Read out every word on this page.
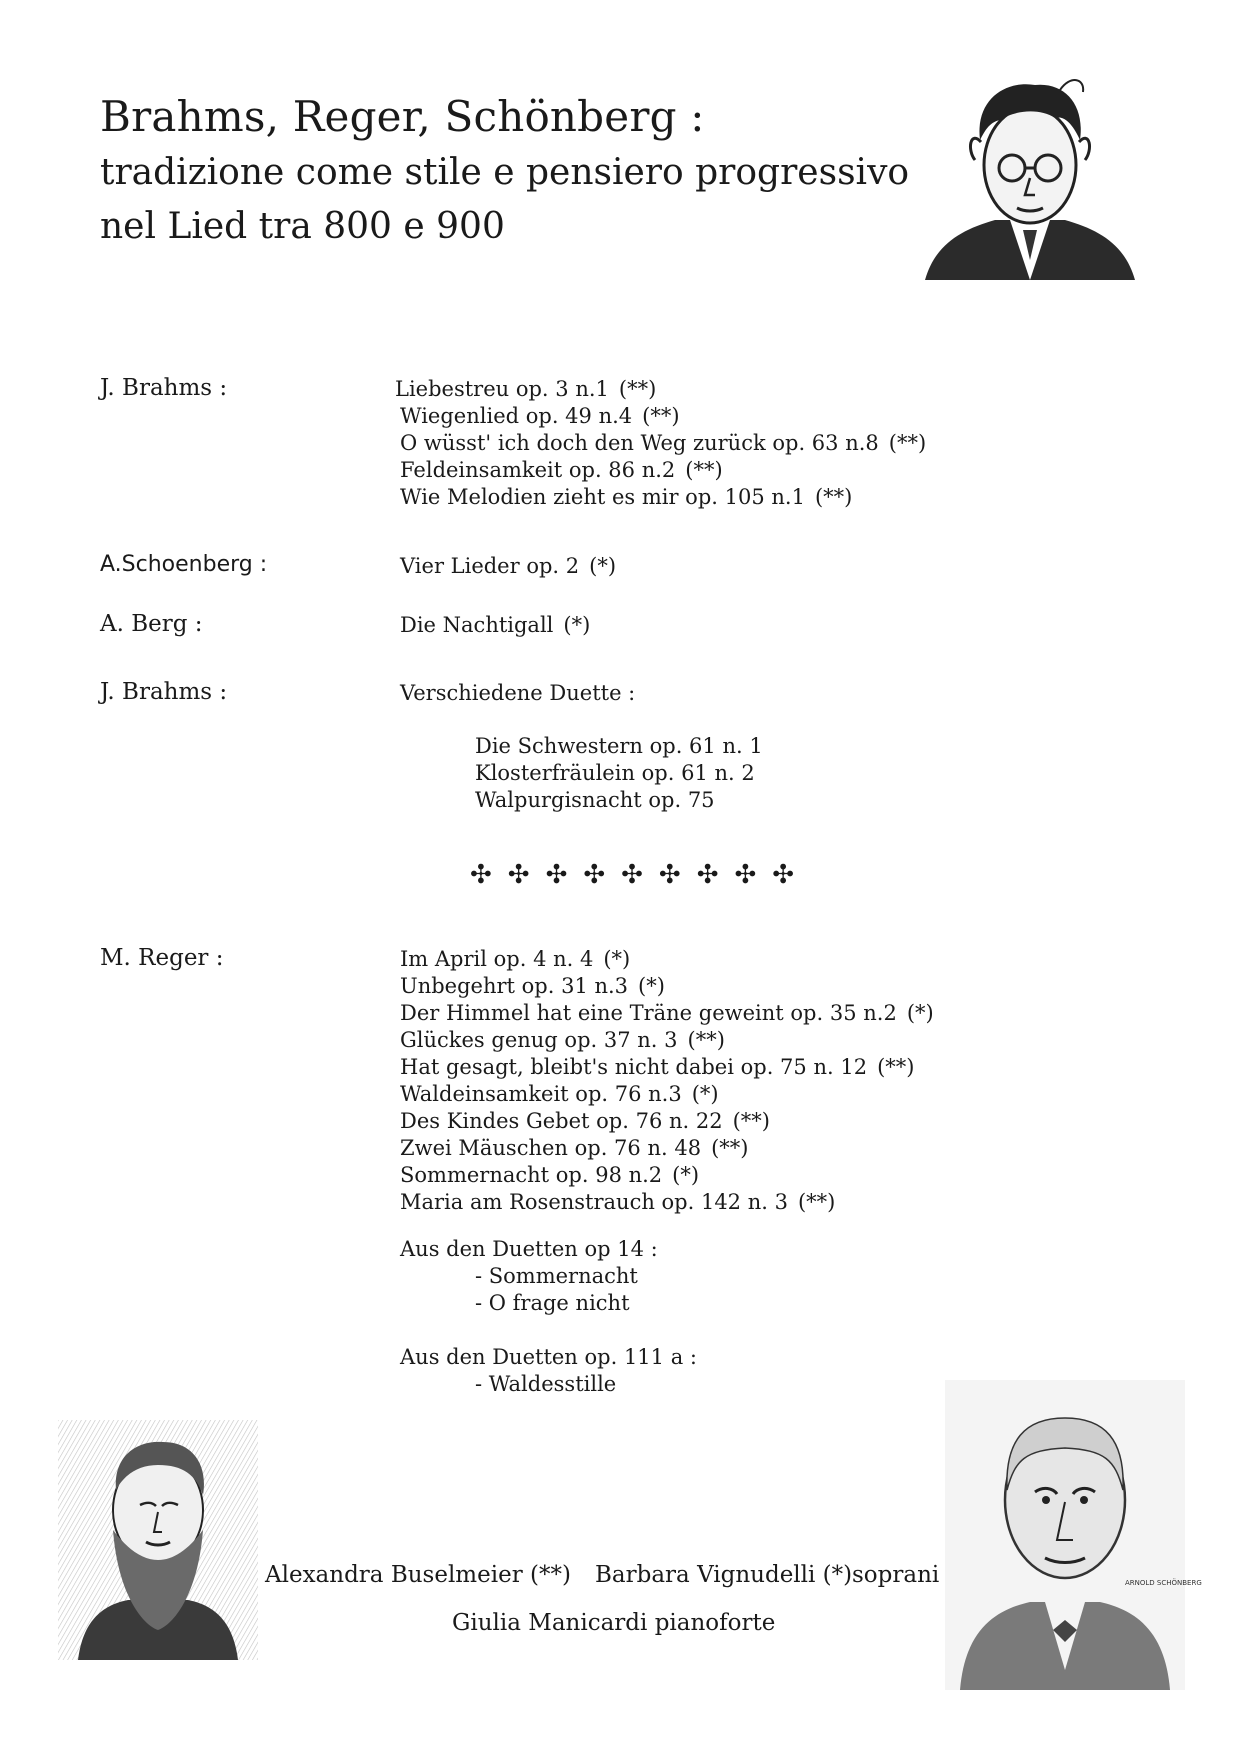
Brahms, Reger, Schönberg :
tradizione come stile e pensiero progressivo
nel Lied tra 800 e 900
J. Brahms :	Liebestreu op. 3 n.1 (**)
Wiegenlied op. 49 n.4 (**)
O wüsst' ich doch den Weg zurück op. 63 n.8 (**)
Feldeinsamkeit op. 86 n.2 (**)
Wie Melodien zieht es mir op. 105 n.1 (**)
A.Schoenberg :	Vier Lieder op. 2 (*)
A. Berg :	Die Nachtigall (*)
J. Brahms :	Verschiedene Duette :
Die Schwestern op. 61 n. 1
Klosterfräulein op. 61 n. 2
Walpurgisnacht op. 75
✣✣✣✣✣✣✣✣✣
M. Reger :	Im April op. 4 n. 4 (*)
Unbegehrt op. 31 n.3 (*)
Der Himmel hat eine Träne geweint op. 35 n.2 (*)
Glückes genug op. 37 n. 3 (**)
Hat gesagt, bleibt's nicht dabei op. 75 n. 12 (**)
Waldeinsamkeit op. 76 n.3 (*)
Des Kindes Gebet op. 76 n. 22 (**)
Zwei Mäuschen op. 76 n. 48 (**)
Sommernacht op. 98 n.2 (*)
Maria am Rosenstrauch op. 142 n. 3 (**)
Aus den Duetten op 14 :
- Sommernacht
- O frage nicht
Aus den Duetten op. 111 a :
- Waldesstille
ARNOLD SCHÖNBERG
Alexandra Buselmeier (**) Barbara Vignudelli (*) soprani
Giulia Manicardi pianoforte
